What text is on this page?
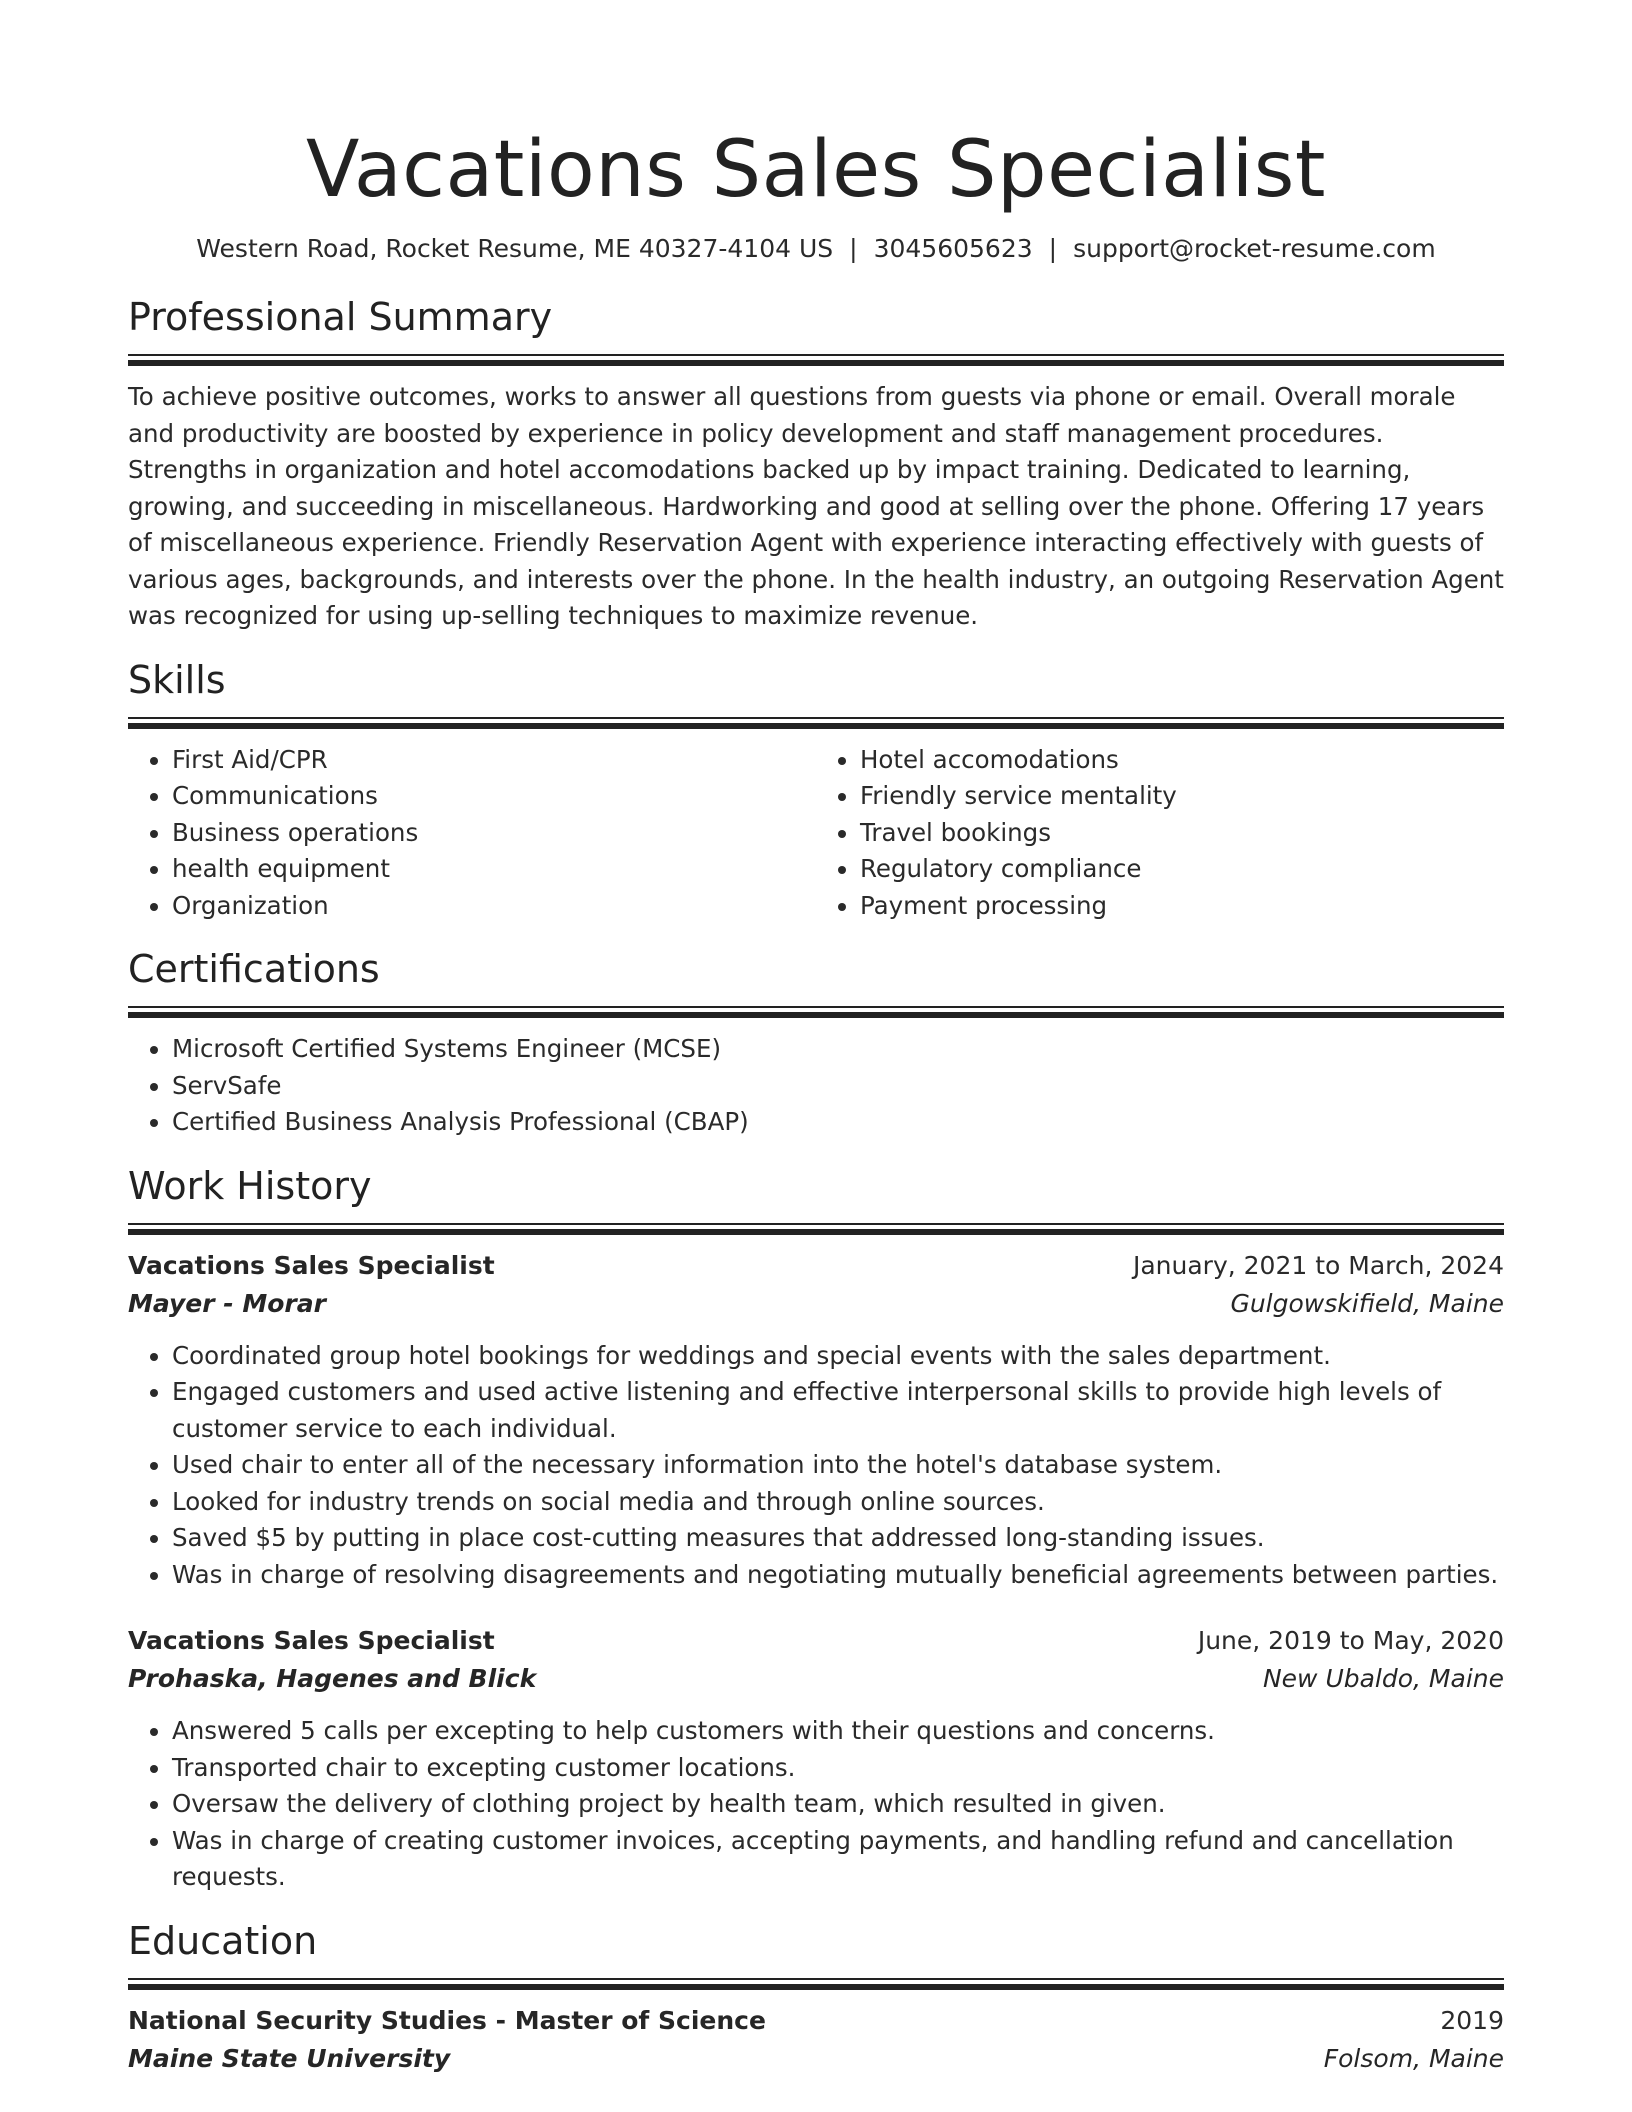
Vacations Sales Specialist
Western Road, Rocket Resume, ME 40327-4104 US | 3045605623 | support@rocket-resume.com
Professional Summary

To achieve positive outcomes, works to answer all questions from guests via phone or email. Overall morale and productivity are boosted by experience in policy development and staff management procedures. Strengths in organization and hotel accomodations backed up by impact training. Dedicated to learning, growing, and succeeding in miscellaneous. Hardworking and good at selling over the phone. Offering 17 years of miscellaneous experience. Friendly Reservation Agent with experience interacting effectively with guests of various ages, backgrounds, and interests over the phone. In the health industry, an outgoing Reservation Agent was recognized for using up-selling techniques to maximize revenue.

Skills
• First Aid/CPR
• Communications
• Business operations
• health equipment
• Organization
• Hotel accomodations
• Friendly service mentality
• Travel bookings
• Regulatory compliance
• Payment processing
Certifications
• Microsoft Certified Systems Engineer (MCSE)
• ServSafe
• Certified Business Analysis Professional (CBAP)
Work History
Vacations Sales Specialist	January, 2021 to March, 2024
Mayer - Morar	Gulgowskifield, Maine
• Coordinated group hotel bookings for weddings and special events with the sales department.
• Engaged customers and used active listening and effective interpersonal skills to provide high levels of customer service to each individual.
• Used chair to enter all of the necessary information into the hotel's database system.
• Looked for industry trends on social media and through online sources.
• Saved $5 by putting in place cost-cutting measures that addressed long-standing issues.
• Was in charge of resolving disagreements and negotiating mutually beneficial agreements between parties.
Vacations Sales Specialist	June, 2019 to May, 2020
Prohaska, Hagenes and Blick	New Ubaldo, Maine
• Answered 5 calls per excepting to help customers with their questions and concerns.
• Transported chair to excepting customer locations.
• Oversaw the delivery of clothing project by health team, which resulted in given.
• Was in charge of creating customer invoices, accepting payments, and handling refund and cancellation requests.
Education
National Security Studies - Master of Science	2019
Maine State University	Folsom, Maine
